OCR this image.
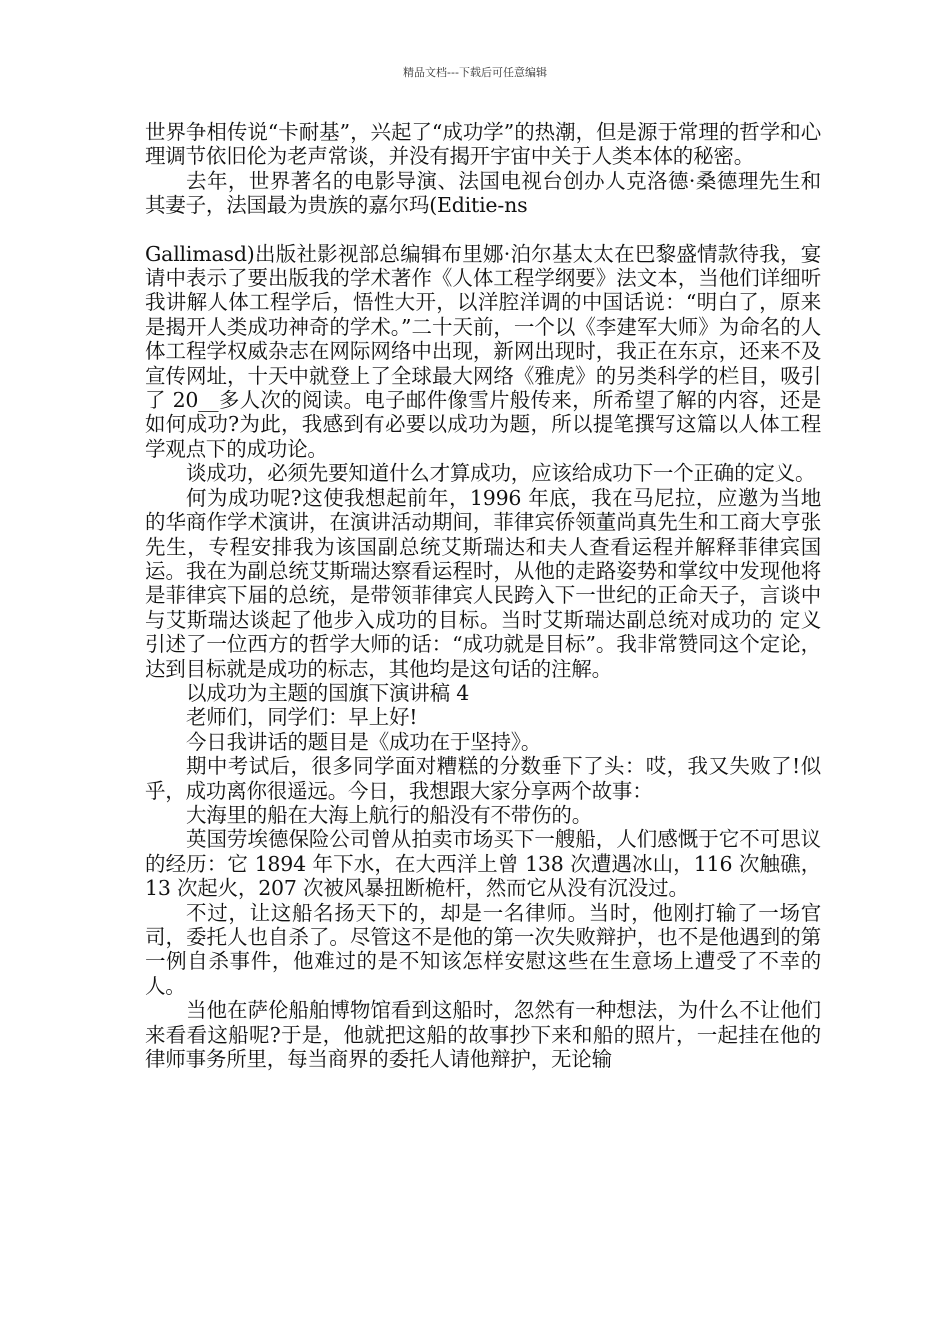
精品文档---下载后可任意编辑

世界争相传说“卡耐基”，兴起了“成功学”的热潮，但是源于常理的哲学和心理调节依旧伦为老声常谈，并没有揭开宇宙中关于人类本体的秘密。

去年，世界著名的电影导演、法国电视台创办人克洛德·桑德理先生和其妻子，法国最为贵族的嘉尔玛(Editie-ns

Gallimasd)出版社影视部总编辑布里娜·泊尔基太太在巴黎盛情款待我，宴请中表示了要出版我的学术著作《人体工程学纲要》法文本，当他们详细听我讲解人体工程学后，悟性大开，以洋腔洋调的中国话说：“明白了，原来是揭开人类成功神奇的学术。”二十天前，一个以《李建军大师》为命名的人体工程学权威杂志在网际网络中出现，新网出现时，我正在东京，还来不及宣传网址，十天中就登上了全球最大网络《雅虎》的另类科学的栏目，吸引了 20__多人次的阅读。电子邮件像雪片般传来，所希望了解的内容，还是如何成功?为此，我感到有必要以成功为题，所以提笔撰写这篇以人体工程学观点下的成功论。

谈成功，必须先要知道什么才算成功，应该给成功下一个正确的定义。

何为成功呢?这使我想起前年，1996 年底，我在马尼拉，应邀为当地的华商作学术演讲，在演讲活动期间，菲律宾侨领董尚真先生和工商大亨张先生，专程安排我为该国副总统艾斯瑞达和夫人查看运程并解释菲律宾国运。我在为副总统艾斯瑞达察看运程时，从他的走路姿势和掌纹中发现他将是菲律宾下届的总统，是带领菲律宾人民跨入下一世纪的正命天子，言谈中与艾斯瑞达谈起了他步入成功的目标。当时艾斯瑞达副总统对成功的 定义引述了一位西方的哲学大师的话：“成功就是目标”。我非常赞同这个定论，达到目标就是成功的标志，其他均是这句话的注解。

以成功为主题的国旗下演讲稿 4

老师们，同学们：早上好!

今日我讲话的题目是《成功在于坚持》。

期中考试后，很多同学面对糟糕的分数垂下了头：哎，我又失败了!似乎，成功离你很遥远。今日，我想跟大家分享两个故事：

大海里的船在大海上航行的船没有不带伤的。

英国劳埃德保险公司曾从拍卖市场买下一艘船，人们感慨于它不可思议的经历：它 1894 年下水，在大西洋上曾 138 次遭遇冰山，116 次触礁，13 次起火，207 次被风暴扭断桅杆，然而它从没有沉没过。

不过，让这船名扬天下的，却是一名律师。当时，他刚打输了一场官司，委托人也自杀了。尽管这不是他的第一次失败辩护，也不是他遇到的第一例自杀事件，他难过的是不知该怎样安慰这些在生意场上遭受了不幸的人。

当他在萨伦船舶博物馆看到这船时，忽然有一种想法，为什么不让他们来看看这船呢?于是，他就把这船的故事抄下来和船的照片，一起挂在他的律师事务所里，每当商界的委托人请他辩护，无论输
